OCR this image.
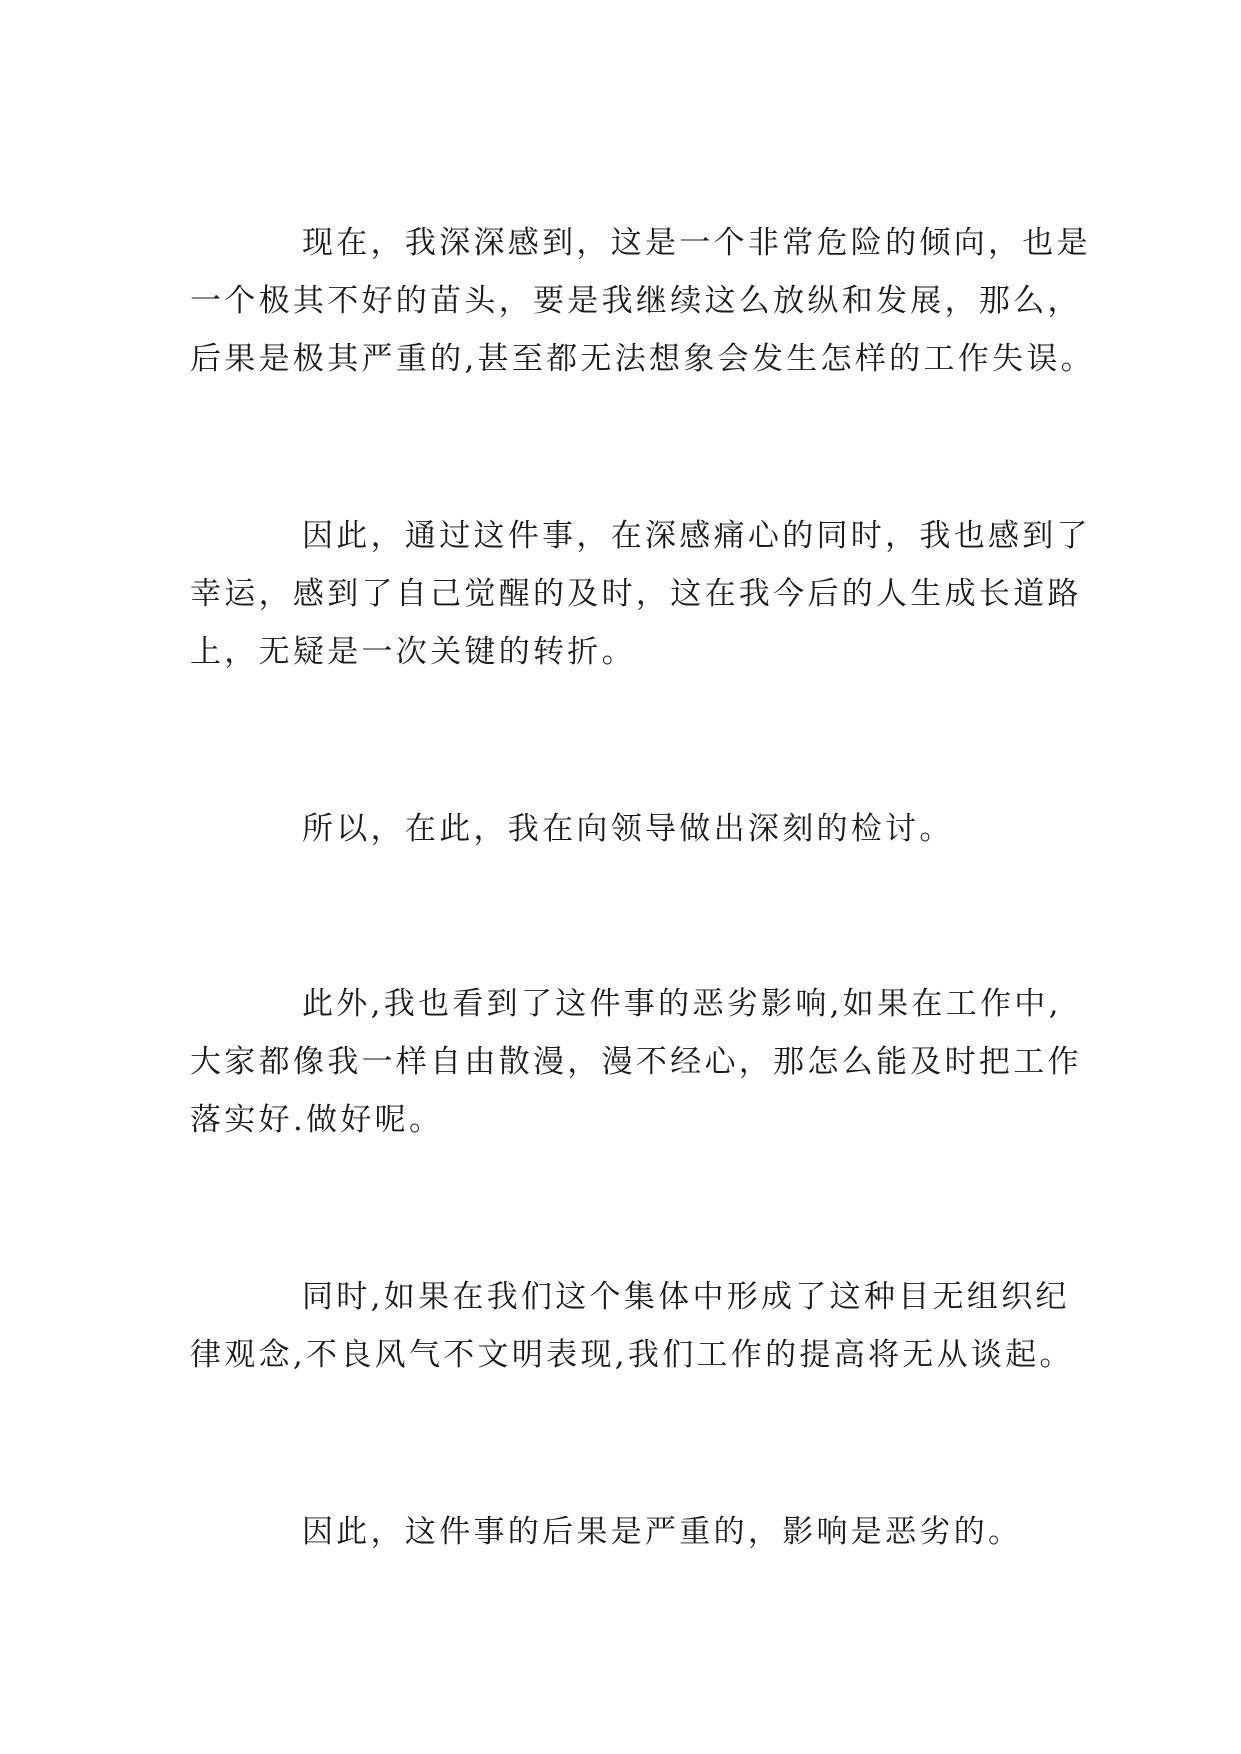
现在，我深深感到，这是一个非常危险的倾向，也是
一个极其不好的苗头，要是我继续这么放纵和发展，那么，
后果是极其严重的,甚至都无法想象会发生怎样的工作失误。

因此，通过这件事，在深感痛心的同时，我也感到了
幸运，感到了自己觉醒的及时，这在我今后的人生成长道路
上，无疑是一次关键的转折。

所以，在此，我在向领导做出深刻的检讨。

此外,我也看到了这件事的恶劣影响,如果在工作中,
大家都像我一样自由散漫，漫不经心，那怎么能及时把工作
落实好.做好呢。

同时,如果在我们这个集体中形成了这种目无组织纪
律观念,不良风气不文明表现,我们工作的提高将无从谈起。

因此，这件事的后果是严重的，影响是恶劣的。
